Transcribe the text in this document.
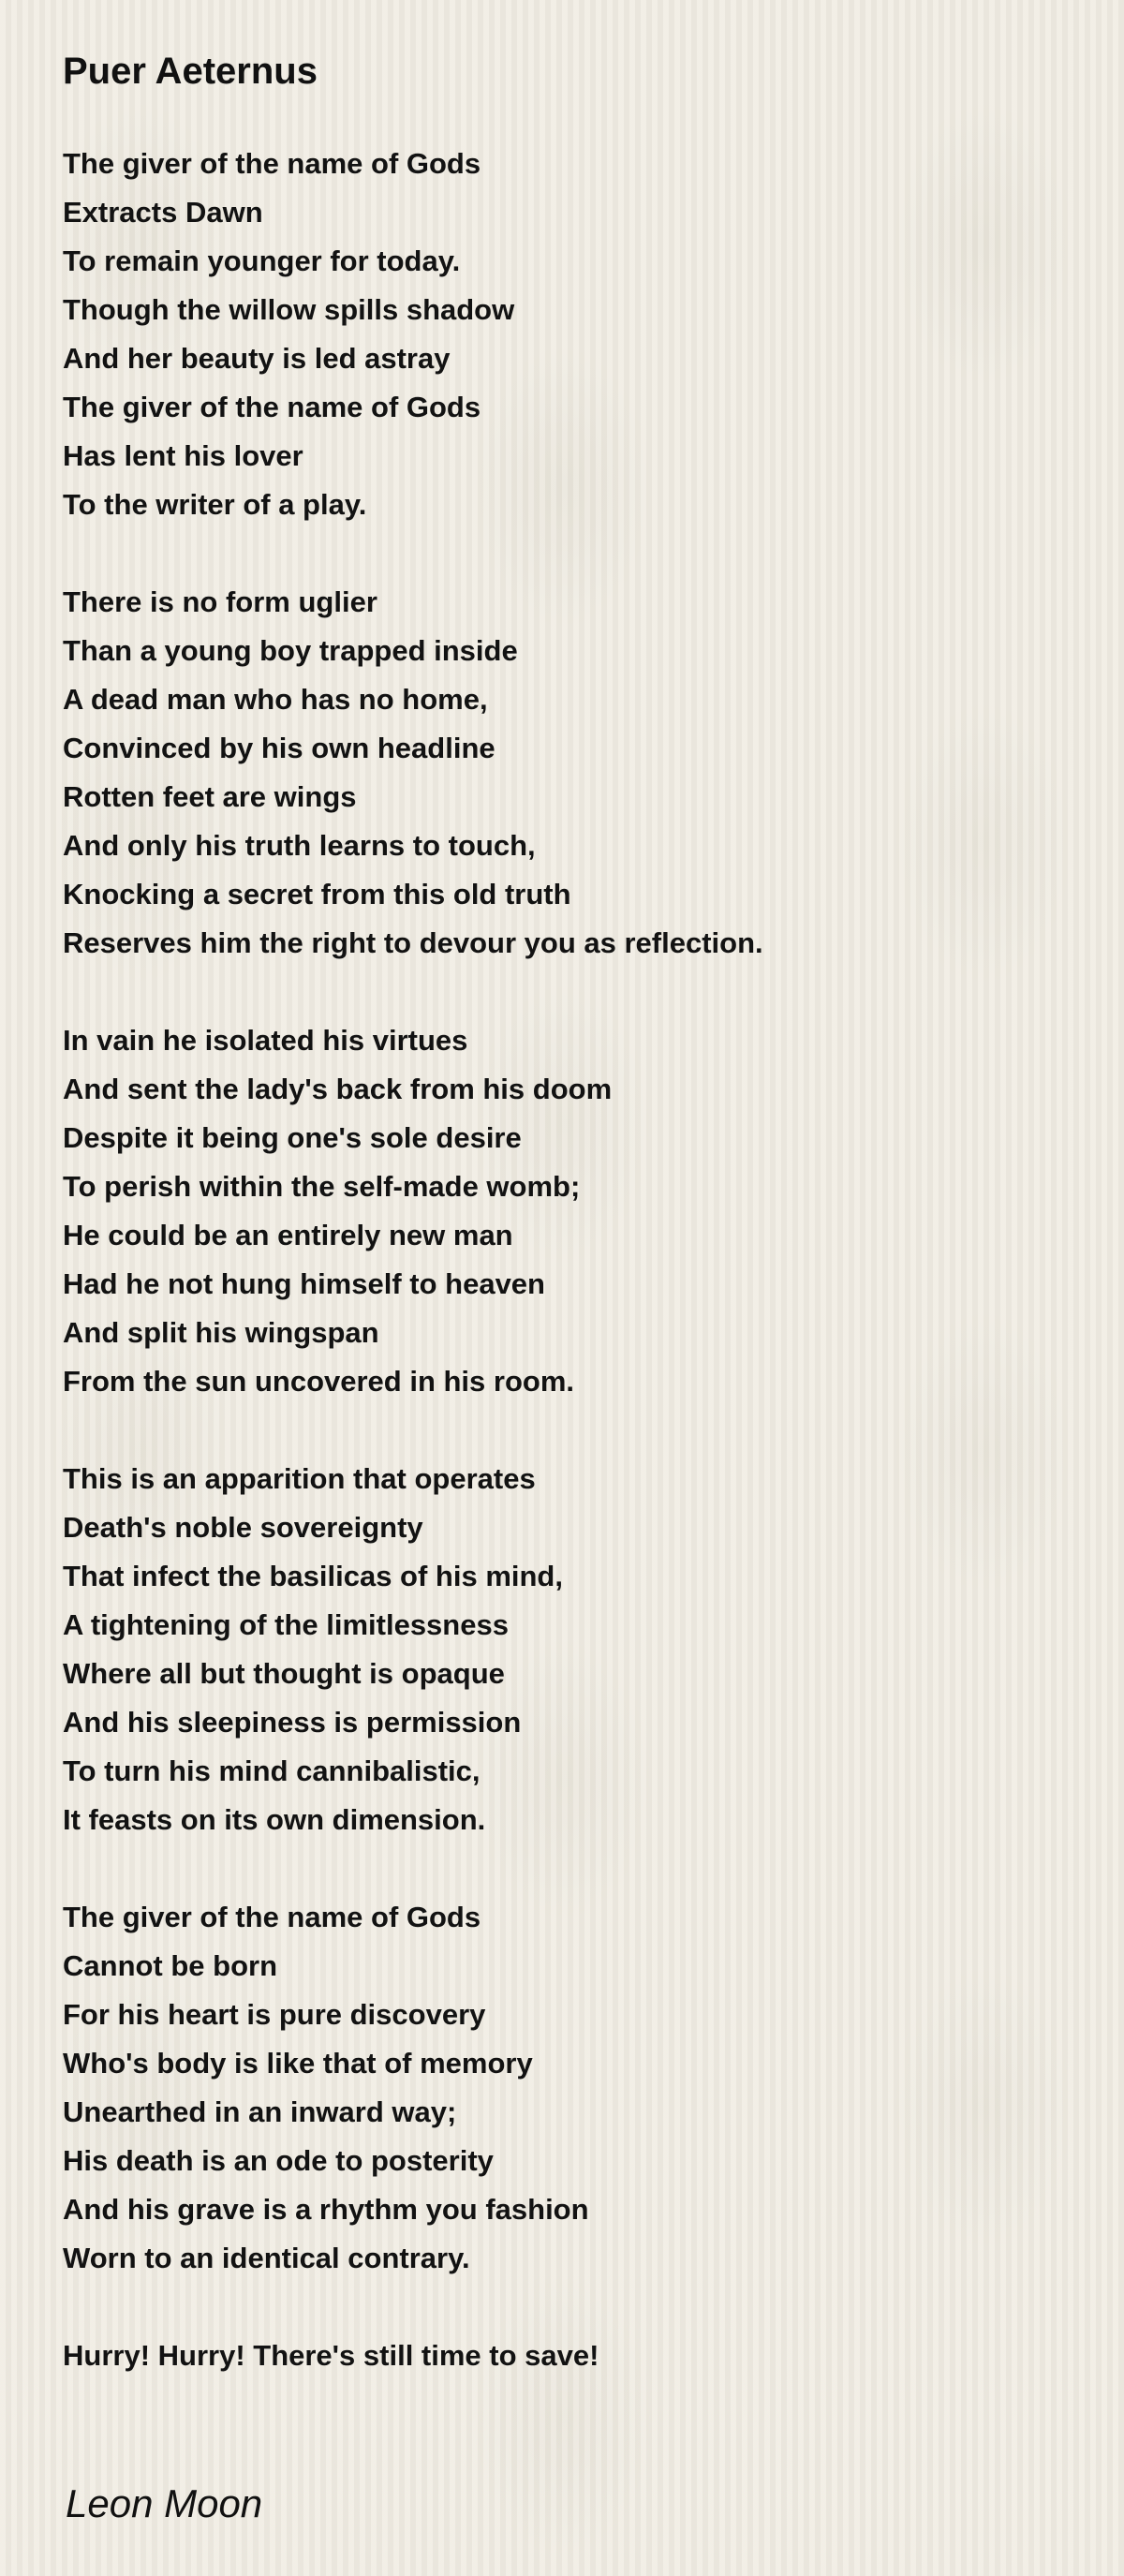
Puer Aeternus
The giver of the name of Gods
Extracts Dawn
To remain younger for today.
Though the willow spills shadow
And her beauty is led astray
The giver of the name of Gods
Has lent his lover
To the writer of a play.
There is no form uglier
Than a young boy trapped inside
A dead man who has no home,
Convinced by his own headline
Rotten feet are wings
And only his truth learns to touch,
Knocking a secret from this old truth
Reserves him the right to devour you as reflection.
In vain he isolated his virtues
And sent the lady's back from his doom
Despite it being one's sole desire
To perish within the self-made womb;
He could be an entirely new man
Had he not hung himself to heaven
And split his wingspan
From the sun uncovered in his room.
This is an apparition that operates
Death's noble sovereignty
That infect the basilicas of his mind,
A tightening of the limitlessness
Where all but thought is opaque
And his sleepiness is permission
To turn his mind cannibalistic,
It feasts on its own dimension.
The giver of the name of Gods
Cannot be born
For his heart is pure discovery
Who's body is like that of memory
Unearthed in an inward way;
His death is an ode to posterity
And his grave is a rhythm you fashion
Worn to an identical contrary.
Hurry! Hurry! There's still time to save!
Leon Moon
